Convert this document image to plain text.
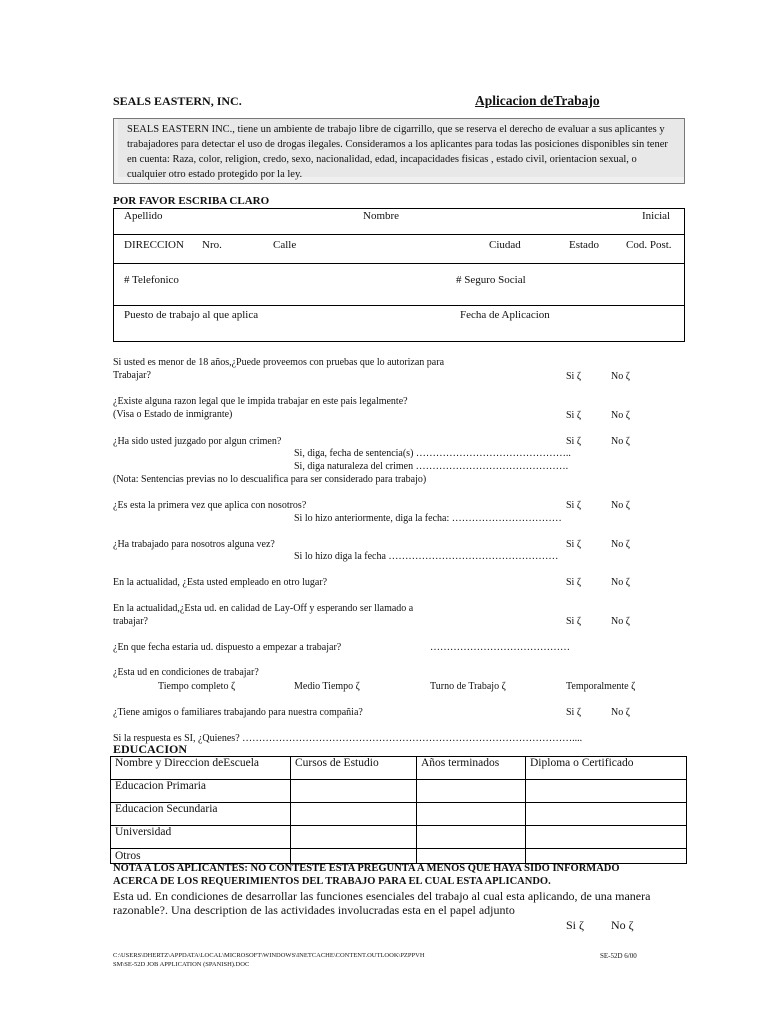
SEALS EASTERN, INC.	Aplicacion deTrabajo
SEALS EASTERN INC., tiene un ambiente de trabajo libre de cigarrillo, que se reserva el derecho de evaluar a sus aplicantes y trabajadores para detectar el uso de drogas ilegales. Consideramos a los aplicantes para todas las posiciones disponibles sin tener en cuenta: Raza, color, religion, credo, sexo, nacionalidad, edad, incapacidades fisicas , estado civil, orientacion sexual, o cualquier otro estado protegido por la ley.
POR FAVOR ESCRIBA CLARO
Apellido	Nombre	Inicial
DIRECCION Nro.	Calle	Ciudad	Estado Cod. Post.
# Telefonico	# Seguro Social
Puesto de trabajo al que aplica	Fecha de Aplicacion
Si usted es menor de 18 años,¿Puede proveemos con pruebas que lo autorizan para
Trabajar?	Si ζ	No ζ
¿Existe alguna razon legal que le impida trabajar en este pais legalmente?
(Visa o Estado de inmigrante)	Si ζ	No ζ
¿Ha sido usted juzgado por algun crimen?	Si ζ	No ζ
Si, diga, fecha de sentencia(s) ………………………………………..
Si, diga naturaleza del crimen ……………………………………….
(Nota: Sentencias previas no lo descualifica para ser considerado para trabajo)
¿Es esta la primera vez que aplica con nosotros?	Si ζ	No ζ
Si lo hizo anteriormente, diga la fecha: ……………………………
¿Ha trabajado para nosotros alguna vez?	Si ζ	No ζ
Si lo hizo diga la fecha ……………………………………………
En la actualidad, ¿Esta usted empleado en otro lugar?	Si ζ	No ζ
En la actualidad,¿Esta ud. en calidad de Lay-Off y esperando ser llamado a
trabajar?	Si ζ	No ζ
¿En que fecha estaria ud. dispuesto a empezar a trabajar?	……………………………………
¿Esta ud en condiciones de trabajar?
Tiempo completo ζ	Medio Tiempo ζ	Turno de Trabajo ζ	Temporalmente ζ
¿Tiene amigos o familiares trabajando para nuestra compañia?	Si ζ	No ζ
Si la respuesta es SI, ¿Quienes? ………………………………………………………………………………………....
EDUCACION
Nombre y Direccion deEscuela	Cursos de Estudio	Años terminados	Diploma o Certificado
Educacion Primaria			
Educacion Secundaria			
Universidad			
Otros			
NOTA A LOS APLICANTES: NO CONTESTE ESTA PREGUNTA A MENOS QUE HAYA SIDO INFORMADO
ACERCA DE LOS REQUERIMIENTOS DEL TRABAJO PARA EL CUAL ESTA APLICANDO.
Esta ud. En condiciones de desarrollar las funciones esenciales del trabajo al cual esta aplicando, de una manera
razonable?. Una description de las actividades involucradas esta en el papel adjunto
Si ζ No ζ
C:\USERS\DHERTZ\APPDATA\LOCAL\MICROSOFT\WINDOWS\INETCACHE\CONTENT.OUTLOOK\PZPPVH
SM\SE-52D JOB APPLICATION (SPANISH).DOC
SE-52D 6/00
